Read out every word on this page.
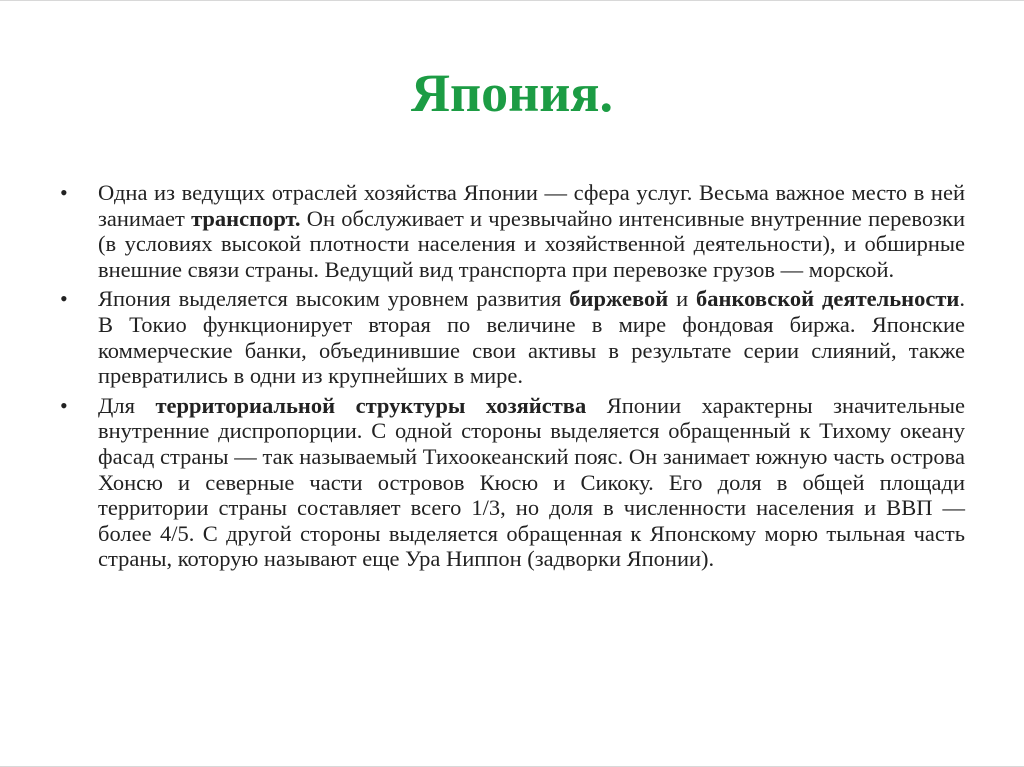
Япония.
•	Одна из ведущих отраслей хозяйства Японии — сфера услуг. Весьма важное место в ней занимает транспорт. Он обслуживает и чрезвычайно интенсивные внутренние перевозки (в условиях высокой плотности населения и хозяйственной деятельности), и обширные внешние связи страны. Ведущий вид транспорта при перевозке грузов — морской.
•	Япония выделяется высоким уровнем развития биржевой и банковской деятельности. В Токио функционирует вторая по величине в мире фондовая биржа. Японские коммерческие банки, объединившие свои активы в результате серии слияний, также превратились в одни из крупнейших в мире.
•	Для территориальной структуры хозяйства Японии характерны значительные внутренние диспропорции. С одной стороны выделяется обращенный к Тихому океану фасад страны — так называемый Тихоокеанский пояс. Он занимает южную часть острова Хонсю и северные части островов Кюсю и Сикоку. Его доля в общей площади территории страны составляет всего 1/3, но доля в численности населения и ВВП — более 4/5. С другой стороны выделяется обращенная к Японскому морю тыльная часть страны, которую называют еще Ура Ниппон (задворки Японии).
